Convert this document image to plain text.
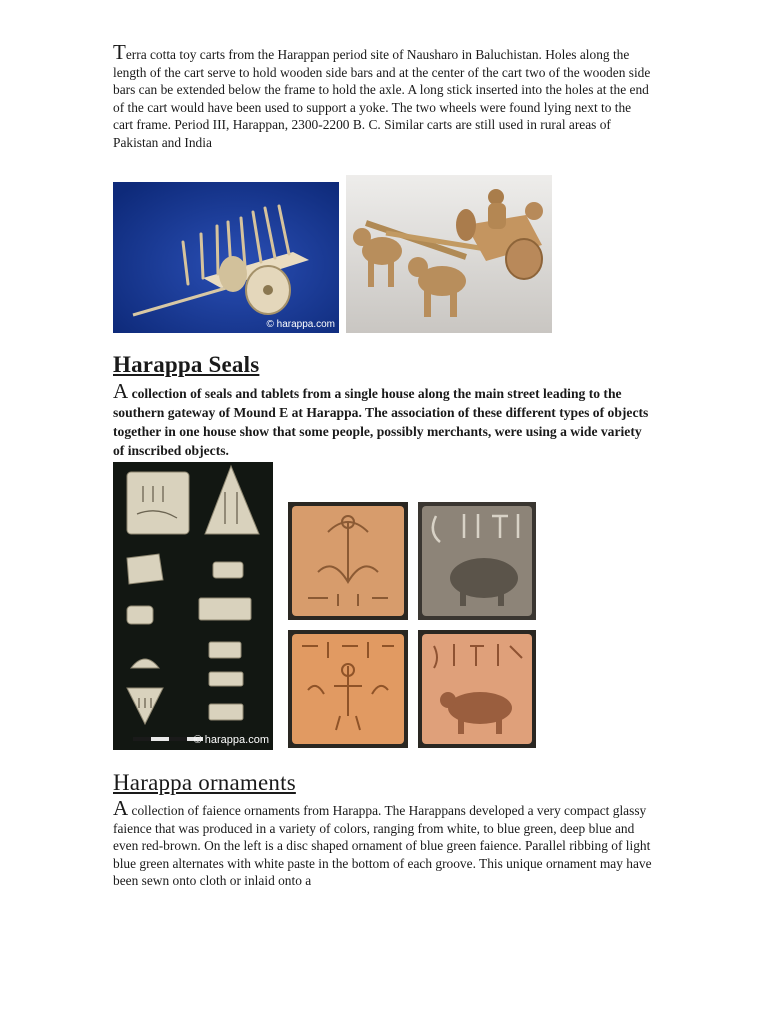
Terra cotta toy carts from the Harappan period site of Nausharo in Baluchistan. Holes along the length of the cart serve to hold wooden side bars and at the center of the cart two of the wooden side bars can be extended below the frame to hold the axle. A long stick inserted into the holes at the end of the cart would have been used to support a yoke. The two wheels were found lying next to the cart frame. Period III, Harappan, 2300-2200 B. C. Similar carts are still used in rural areas of Pakistan and India

© harappa.com
Harappa Seals

A collection of seals and tablets from a single house along the main street leading to the southern gateway of Mound E at Harappa. The association of these different types of objects together in one house show that some people, possibly merchants, were using a wide variety of inscribed objects.

© harappa.com
Harappa ornaments

A collection of faience ornaments from Harappa. The Harappans developed a very compact glassy faience that was produced in a variety of colors, ranging from white, to blue green, deep blue and even red-brown. On the left is a disc shaped ornament of blue green faience. Parallel ribbing of light blue green alternates with white paste in the bottom of each groove. This unique ornament may have been sewn onto cloth or inlaid onto a
